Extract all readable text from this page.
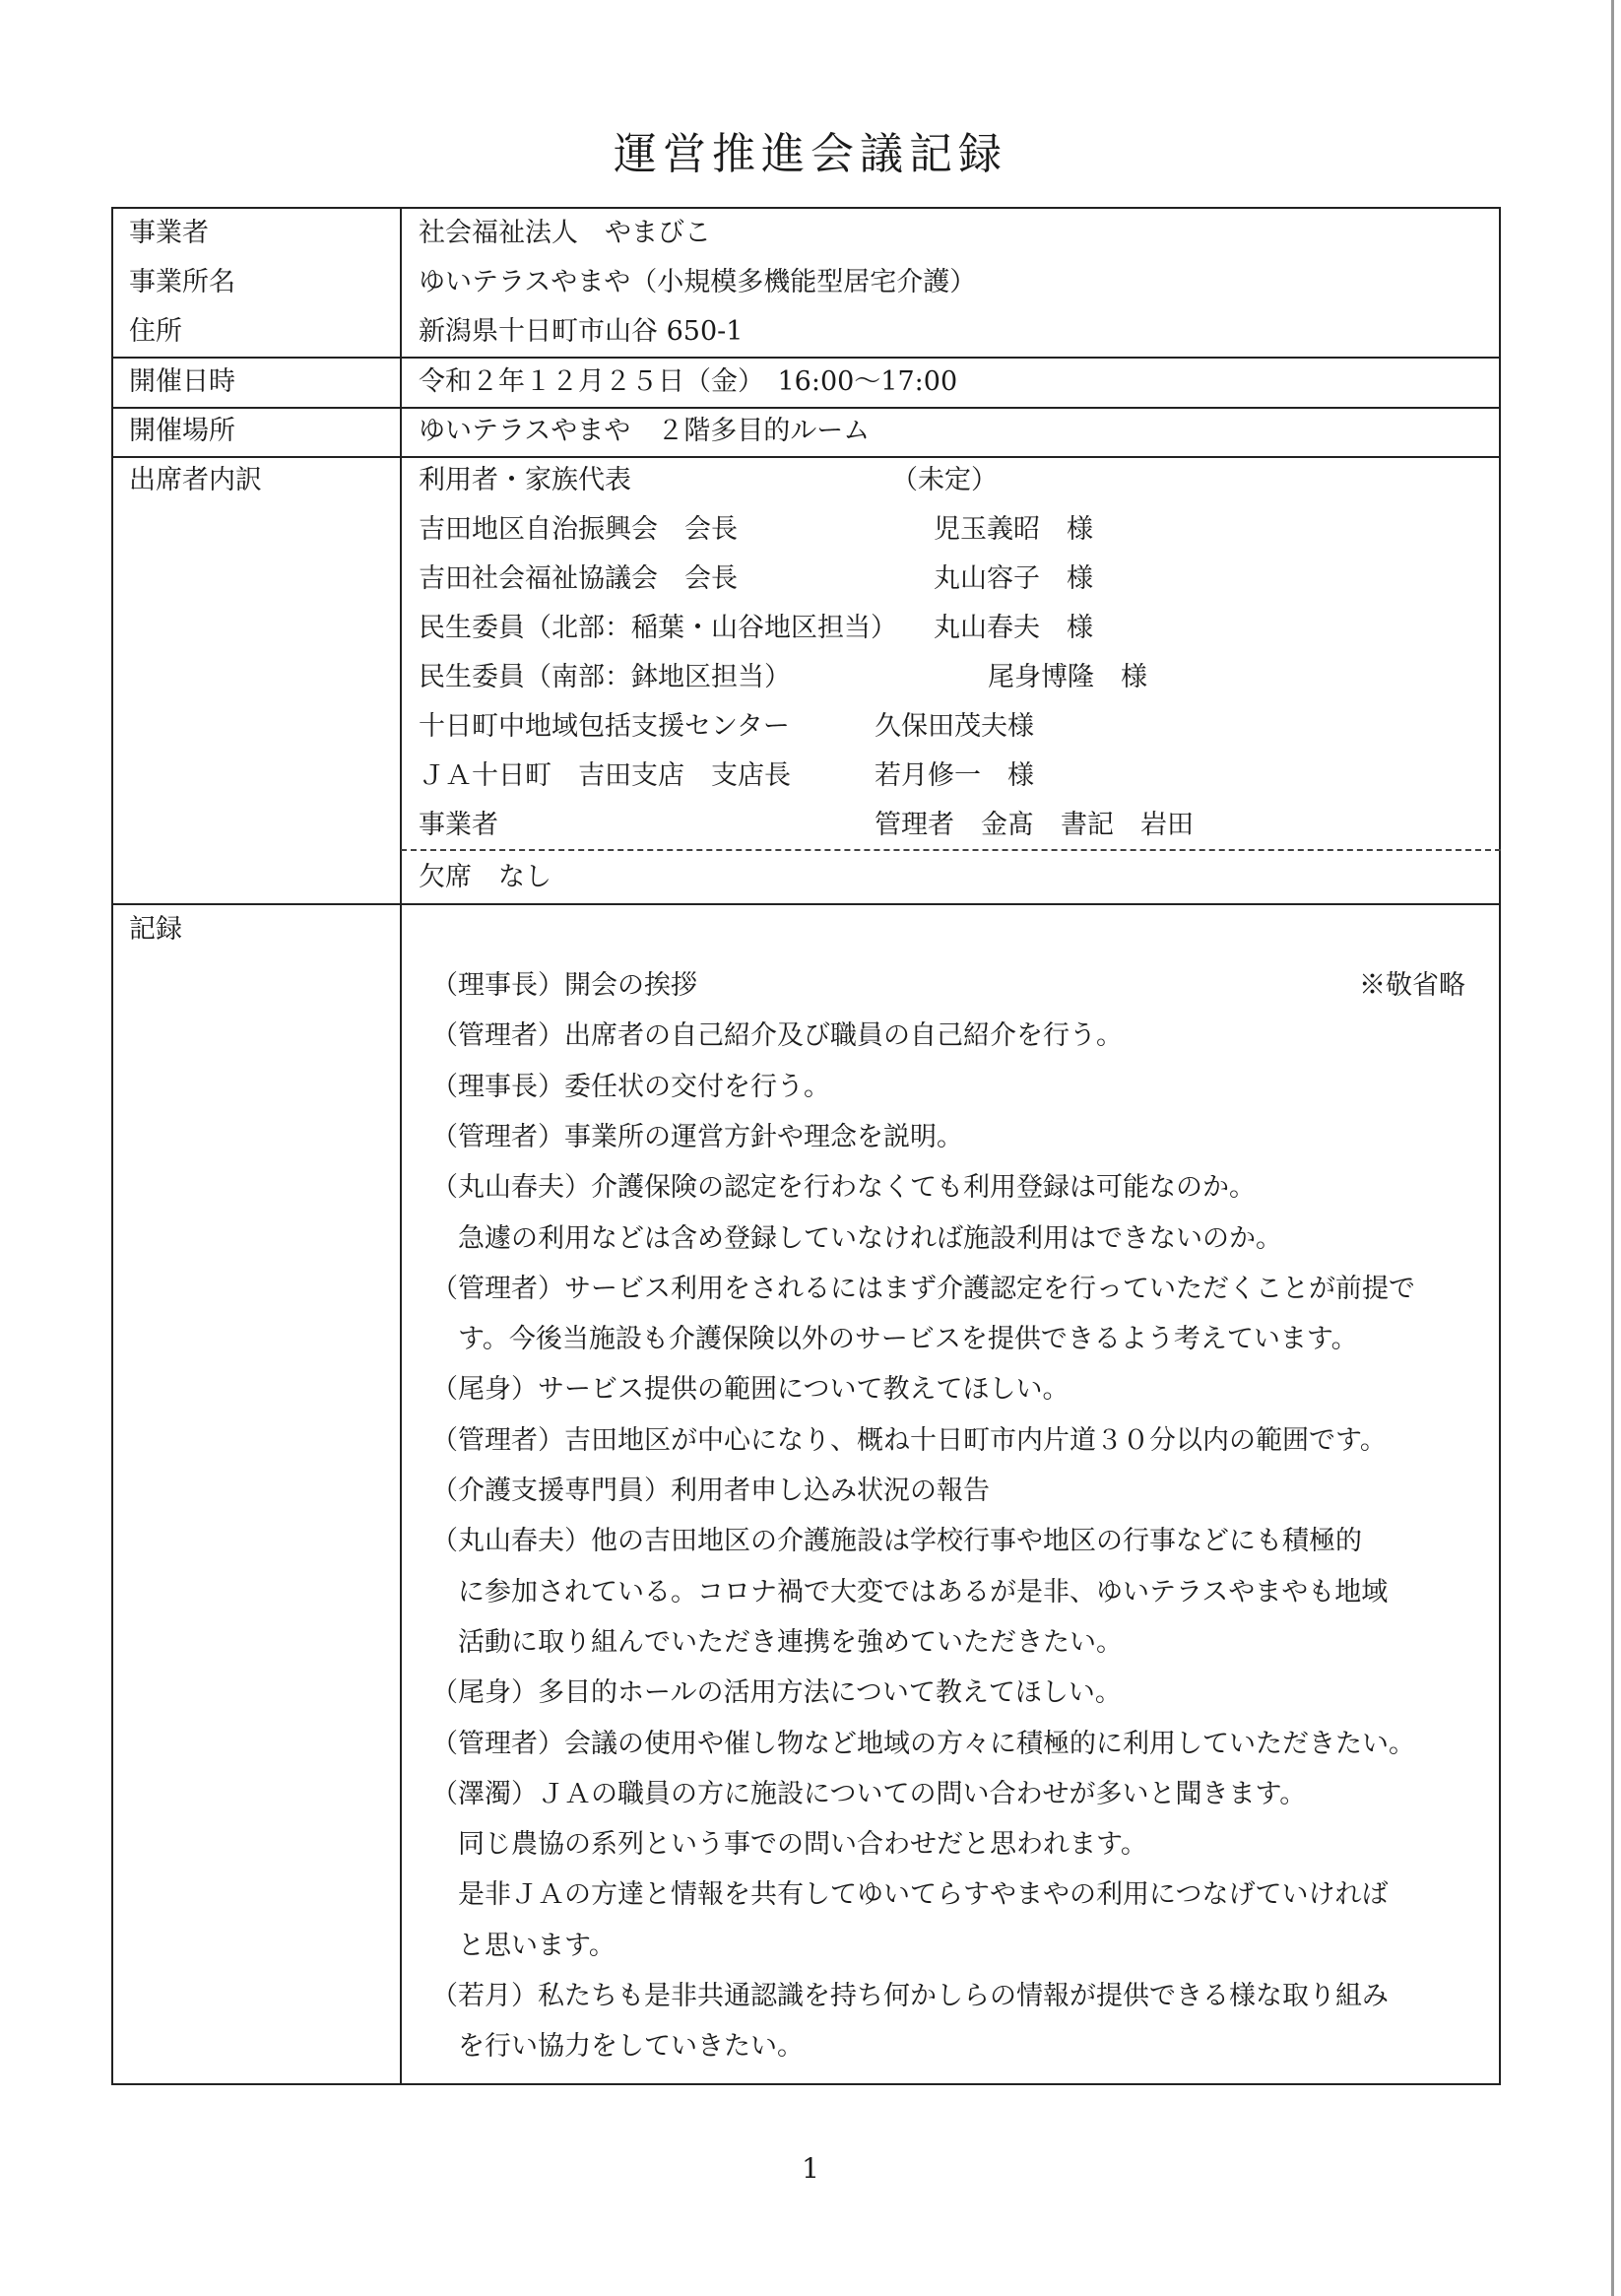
運営推進会議記録
事業者	社会福祉法人　やまびこ
事業所名	ゆいテラスやまや（小規模多機能型居宅介護）
住所	新潟県十日町市山谷 650-1
開催日時	令和２年１２月２５日（金）　16:00～17:00
開催場所	ゆいテラスやまや　２階多目的ルーム
出席者内訳	利用者・家族代表	（未定）
吉田地区自治振興会　会長	児玉義昭　様
吉田社会福祉協議会　会長	丸山容子　様
民生委員（北部：稲葉・山谷地区担当） 丸山春夫　様
民生委員（南部：鉢地区担当）	尾身博隆　様
十日町中地域包括支援センター	久保田茂夫様
ＪＡ十日町　吉田支店　支店長	若月修一　様
事業者	管理者　金髙　書記　岩田
欠席　なし
記録
※敬省略
（理事長）開会の挨拶
（管理者）出席者の自己紹介及び職員の自己紹介を行う。
（理事長）委任状の交付を行う。
（管理者）事業所の運営方針や理念を説明。
（丸山春夫）介護保険の認定を行わなくても利用登録は可能なのか。
　急遽の利用などは含め登録していなければ施設利用はできないのか。
（管理者）サービス利用をされるにはまず介護認定を行っていただくことが前提で
　す。今後当施設も介護保険以外のサービスを提供できるよう考えています。
（尾身）サービス提供の範囲について教えてほしい。
（管理者）吉田地区が中心になり、概ね十日町市内片道３０分以内の範囲です。
（介護支援専門員）利用者申し込み状況の報告
（丸山春夫）他の吉田地区の介護施設は学校行事や地区の行事などにも積極的
　に参加されている。コロナ禍で大変ではあるが是非、ゆいテラスやまやも地域
　活動に取り組んでいただき連携を強めていただきたい。
（尾身）多目的ホールの活用方法について教えてほしい。
（管理者）会議の使用や催し物など地域の方々に積極的に利用していただきたい。
（澤濁）ＪＡの職員の方に施設についての問い合わせが多いと聞きます。
　同じ農協の系列という事での問い合わせだと思われます。
　是非ＪＡの方達と情報を共有してゆいてらすやまやの利用につなげていければ
　と思います。
（若月）私たちも是非共通認識を持ち何かしらの情報が提供できる様な取り組み
　を行い協力をしていきたい。
1
